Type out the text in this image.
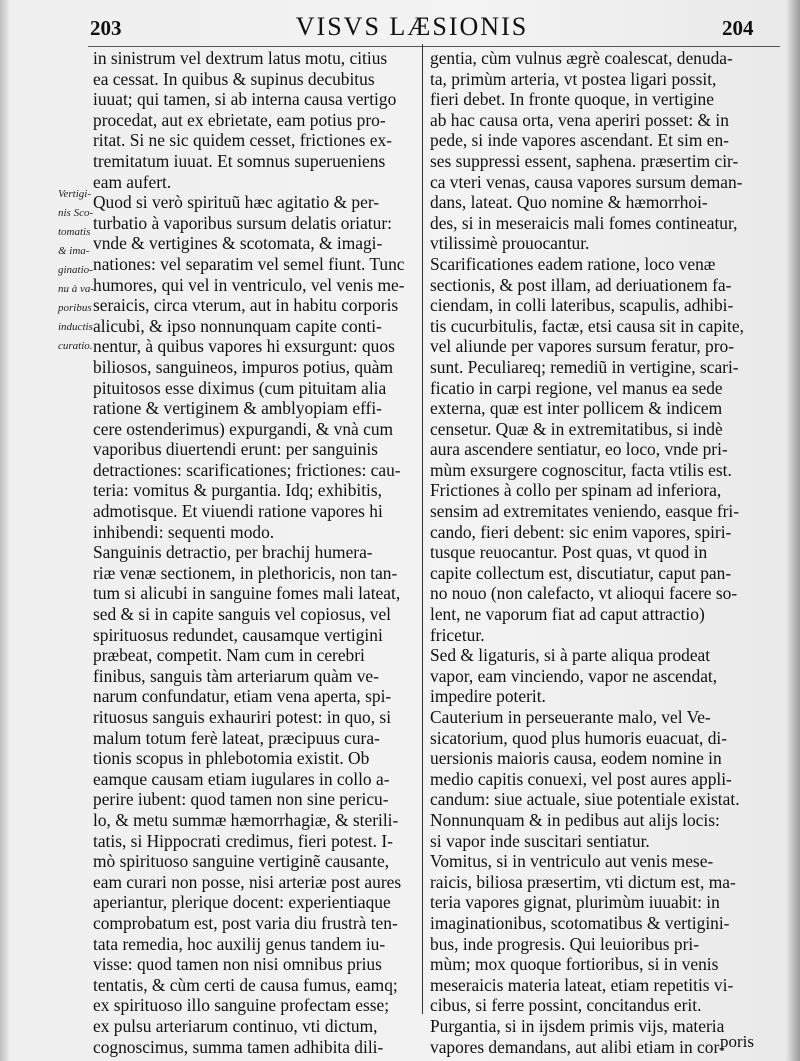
203	VISVS LÆSIONIS	204
Vertigi-
nis Sco-
tomatis
& ima-
ginatio-
nu à va-
poribus
inductis
curatio.
in sinistrum vel dextrum latus motu, citius
ea cessat. In quibus & supinus decubitus
iuuat; qui tamen, si ab interna causa vertigo
procedat, aut ex ebrietate, eam potius pro-
ritat. Si ne sic quidem cesset, frictiones ex-
tremitatum iuuat. Et somnus superueniens
eam aufert.
Quod si verò spirituũ hæc agitatio & per-
turbatio à vaporibus sursum delatis oriatur:
vnde & vertigines & scotomata, & imagi-
nationes: vel separatim vel semel fiunt. Tunc
humores, qui vel in ventriculo, vel venis me-
seraicis, circa vterum, aut in habitu corporis
alicubi, & ipso nonnunquam capite conti-
nentur, à quibus vapores hi exsurgunt: quos
biliosos, sanguineos, impuros potius, quàm
pituitosos esse diximus (cum pituitam alia
ratione & vertiginem & amblyopiam effi-
cere ostenderimus) expurgandi, & vnà cum
vaporibus diuertendi erunt: per sanguinis
detractiones: scarificationes; frictiones: cau-
teria: vomitus & purgantia. Idq; exhibitis,
admotisque. Et viuendi ratione vapores hi
inhibendi: sequenti modo.
Sanguinis detractio, per brachij humera-
riæ venæ sectionem, in plethoricis, non tan-
tum si alicubi in sanguine fomes mali lateat,
sed & si in capite sanguis vel copiosus, vel
spirituosus redundet, causamque vertigini
præbeat, competit. Nam cum in cerebri
finibus, sanguis tàm arteriarum quàm ve-
narum confundatur, etiam vena aperta, spi-
rituosus sanguis exhauriri potest: in quo, si
malum totum ferè lateat, præcipuus cura-
tionis scopus in phlebotomia existit. Ob
eamque causam etiam iugulares in collo a-
perire iubent: quod tamen non sine pericu-
lo, & metu summæ hæmorrhagiæ, & sterili-
tatis, si Hippocrati credimus, fieri potest. I-
mò spirituoso sanguine vertiginẽ causante,
eam curari non posse, nisi arteriæ post aures
aperiantur, plerique docent: experientiaque
comprobatum est, post varia diu frustrà ten-
tata remedia, hoc auxilij genus tandem iu-
visse: quod tamen non nisi omnibus prius
tentatis, & cùm certi de causa fumus, eamq;
ex spirituoso illo sanguine profectam esse;
ex pulsu arteriarum continuo, vti dictum,
cognoscimus, summa tamen adhibita dili-
gentia, cùm vulnus ægrè coalescat, denuda-
ta, primùm arteria, vt postea ligari possit,
fieri debet. In fronte quoque, in vertigine
ab hac causa orta, vena aperiri posset: & in
pede, si inde vapores ascendant. Et sim en-
ses suppressi essent, saphena. præsertim cir-
ca vteri venas, causa vapores sursum deman-
dans, lateat. Quo nomine & hæmorrhoi-
des, si in meseraicis mali fomes contineatur,
vtilissimè prouocantur.
Scarificationes eadem ratione, loco venæ
sectionis, & post illam, ad deriuationem fa-
ciendam, in colli lateribus, scapulis, adhibi-
tis cucurbitulis, factæ, etsi causa sit in capite,
vel aliunde per vapores sursum feratur, pro-
sunt. Peculiareq; remediũ in vertigine, scari-
ficatio in carpi regione, vel manus ea sede
externa, quæ est inter pollicem & indicem
censetur. Quæ & in extremitatibus, si indè
aura ascendere sentiatur, eo loco, vnde pri-
mùm exsurgere cognoscitur, facta vtilis est.
Frictiones à collo per spinam ad inferiora,
sensim ad extremitates veniendo, easque fri-
cando, fieri debent: sic enim vapores, spiri-
tusque reuocantur. Post quas, vt quod in
capite collectum est, discutiatur, caput pan-
no nouo (non calefacto, vt alioqui facere so-
lent, ne vaporum fiat ad caput attractio)
fricetur.
Sed & ligaturis, si à parte aliqua prodeat
vapor, eam vinciendo, vapor ne ascendat,
impedire poterit.
Cauterium in perseuerante malo, vel Ve-
sicatorium, quod plus humoris euacuat, di-
uersionis maioris causa, eodem nomine in
medio capitis conuexi, vel post aures appli-
candum: siue actuale, siue potentiale existat.
Nonnunquam & in pedibus aut alijs locis:
si vapor inde suscitari sentiatur.
Vomitus, si in ventriculo aut venis mese-
raicis, biliosa præsertim, vti dictum est, ma-
teria vapores gignat, plurimùm iuuabit: in
imaginationibus, scotomatibus & vertigini-
bus, inde progresis. Qui leuioribus pri-
mùm; mox quoque fortioribus, si in venis
meseraicis materia lateat, etiam repetitis vi-
cibus, si ferre possint, concitandus erit.
Purgantia, si in ijsdem primis vijs, materia
vapores demandans, aut alibi etiam in cor-
poris
